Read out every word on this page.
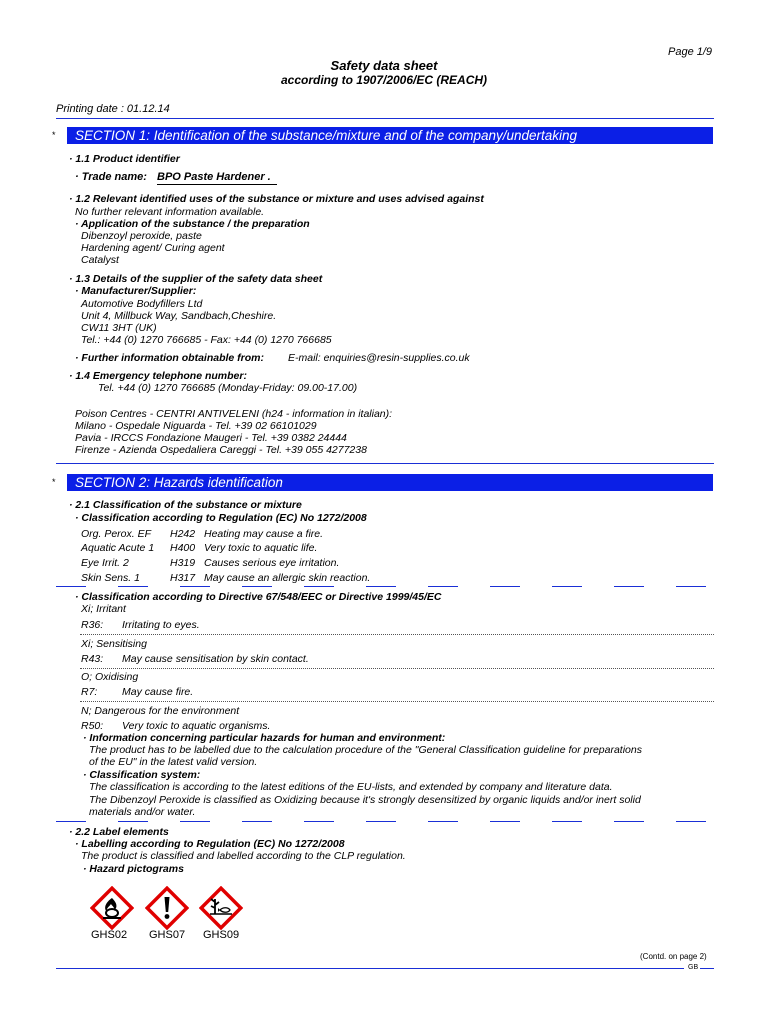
Page 1/9
Safety data sheet
according to 1907/2006/EC (REACH)
Printing date : 01.12.14
*	SECTION 1: Identification of the substance/mixture and of the company/undertaking
· 1.1 Product identifier
· Trade name: BPO Paste Hardener .
· 1.2 Relevant identified uses of the substance or mixture and uses advised against
No further relevant information available.
· Application of the substance / the preparation
Dibenzoyl peroxide, paste
Hardening agent/ Curing agent
Catalyst
· 1.3 Details of the supplier of the safety data sheet
· Manufacturer/Supplier:
Automotive Bodyfillers Ltd
Unit 4, Millbuck Way, Sandbach,Cheshire.
CW11 3HT (UK)
Tel.: +44 (0) 1270 766685 - Fax: +44 (0) 1270 766685
· Further information obtainable from: E-mail: enquiries@resin-supplies.co.uk
· 1.4 Emergency telephone number:
Tel. +44 (0) 1270 766685 (Monday-Friday: 09.00-17.00)
Poison Centres - CENTRI ANTIVELENI (h24 - information in italian):
Milano - Ospedale Niguarda - Tel. +39 02 66101029
Pavia - IRCCS Fondazione Maugeri - Tel. +39 0382 24444
Firenze - Azienda Ospedaliera Careggi - Tel. +39 055 4277238
*	SECTION 2: Hazards identification
· 2.1 Classification of the substance or mixture
· Classification according to Regulation (EC) No 1272/2008
Org. Perox. EF H242 Heating may cause a fire.
Aquatic Acute 1 H400 Very toxic to aquatic life.
Eye Irrit. 2	H319 Causes serious eye irritation.
Skin Sens. 1	H317 May cause an allergic skin reaction.
· Classification according to Directive 67/548/EEC or Directive 1999/45/EC
Xi; Irritant
R36: Irritating to eyes.
Xi; Sensitising
R43: May cause sensitisation by skin contact.
O; Oxidising
R7: May cause fire.
N; Dangerous for the environment
R50: Very toxic to aquatic organisms.
· Information concerning particular hazards for human and environment:
The product has to be labelled due to the calculation procedure of the "General Classification guideline for preparations
of the EU" in the latest valid version.
· Classification system:
The classification is according to the latest editions of the EU-lists, and extended by company and literature data.
The Dibenzoyl Peroxide is classified as Oxidizing because it's strongly desensitized by organic liquids and/or inert solid
materials and/or water.
· 2.2 Label elements
· Labelling according to Regulation (EC) No 1272/2008
The product is classified and labelled according to the CLP regulation.
· Hazard pictograms
GHS02 GHS07 GHS09
(Contd. on page 2)
GB
